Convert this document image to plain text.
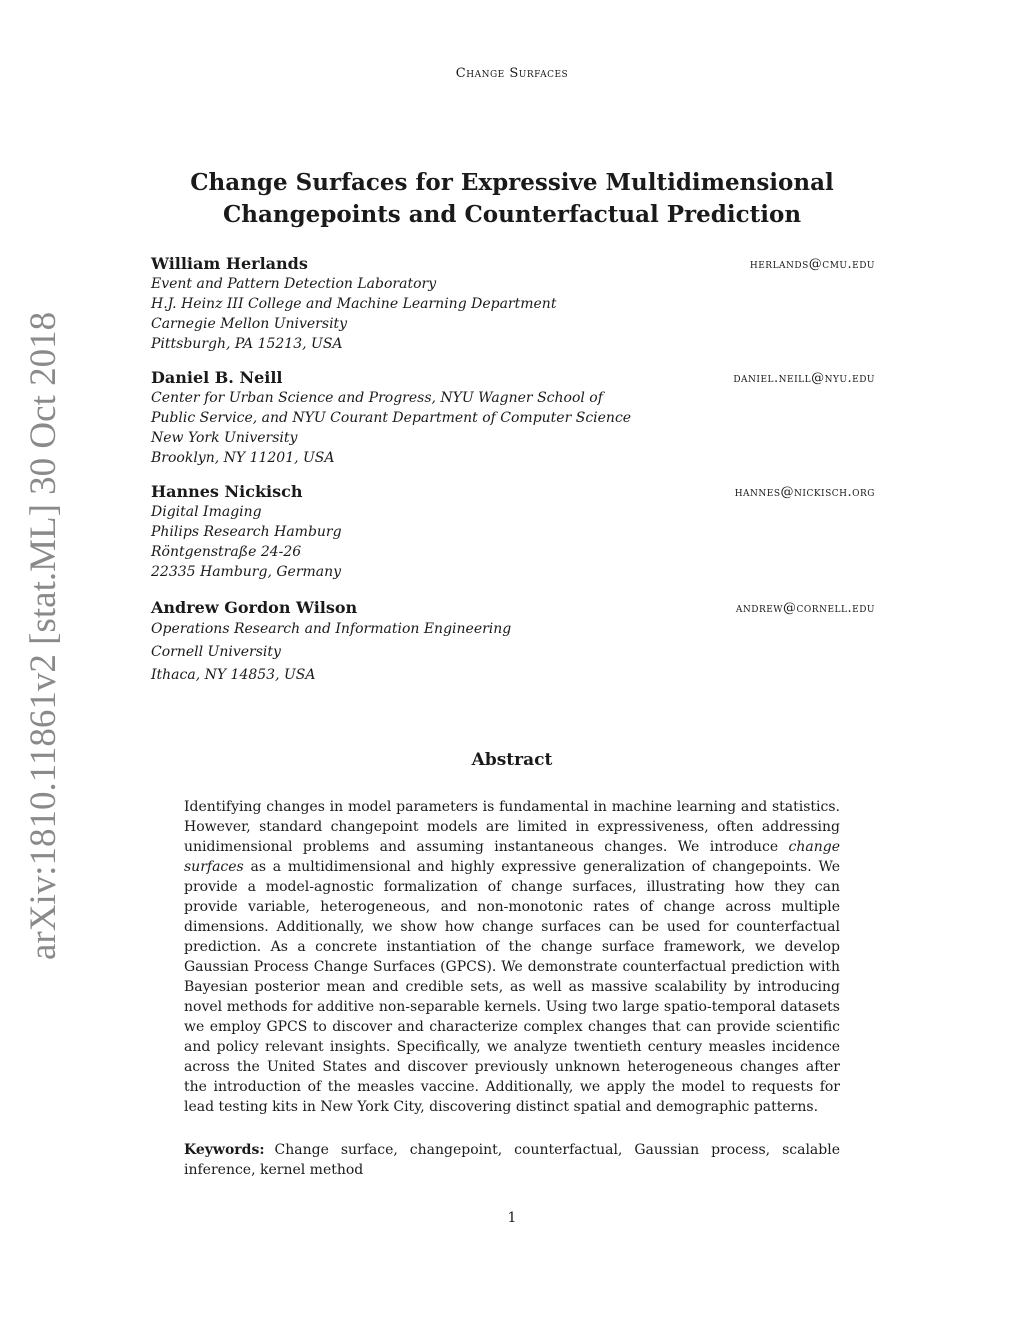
arXiv:1810.11861v2 [stat.ML] 30 Oct 2018
Change Surfaces
Change Surfaces for Expressive Multidimensional
Changepoints and Counterfactual Prediction
William Herlands	herlands@cmu.edu
Event and Pattern Detection Laboratory
H.J. Heinz III College and Machine Learning Department
Carnegie Mellon University
Pittsburgh, PA 15213, USA
Daniel B. Neill	daniel.neill@nyu.edu
Center for Urban Science and Progress, NYU Wagner School of
Public Service, and NYU Courant Department of Computer Science
New York University
Brooklyn, NY 11201, USA
Hannes Nickisch	hannes@nickisch.org
Digital Imaging
Philips Research Hamburg
Röntgenstraße 24-26
22335 Hamburg, Germany
Andrew Gordon Wilson	andrew@cornell.edu
Operations Research and Information Engineering
Cornell University
Ithaca, NY 14853, USA
Abstract
Identifying changes in model parameters is fundamental in machine learning and statistics. However, standard changepoint models are limited in expressiveness, often addressing unidimensional problems and assuming instantaneous changes. We introduce change surfaces as a multidimensional and highly expressive generalization of changepoints. We provide a model-agnostic formalization of change surfaces, illustrating how they can provide variable, heterogeneous, and non-monotonic rates of change across multiple dimensions. Additionally, we show how change surfaces can be used for counterfactual prediction. As a concrete instantiation of the change surface framework, we develop Gaussian Process Change Surfaces (GPCS). We demonstrate counterfactual prediction with Bayesian posterior mean and credible sets, as well as massive scalability by introducing novel methods for additive non-separable kernels. Using two large spatio-temporal datasets we employ GPCS to discover and characterize complex changes that can provide scientific and policy relevant insights. Specifically, we analyze twentieth century measles incidence across the United States and discover previously unknown heterogeneous changes after the introduction of the measles vaccine. Additionally, we apply the model to requests for lead testing kits in New York City, discovering distinct spatial and demographic patterns.
Keywords: Change surface, changepoint, counterfactual, Gaussian process, scalable inference, kernel method
1
